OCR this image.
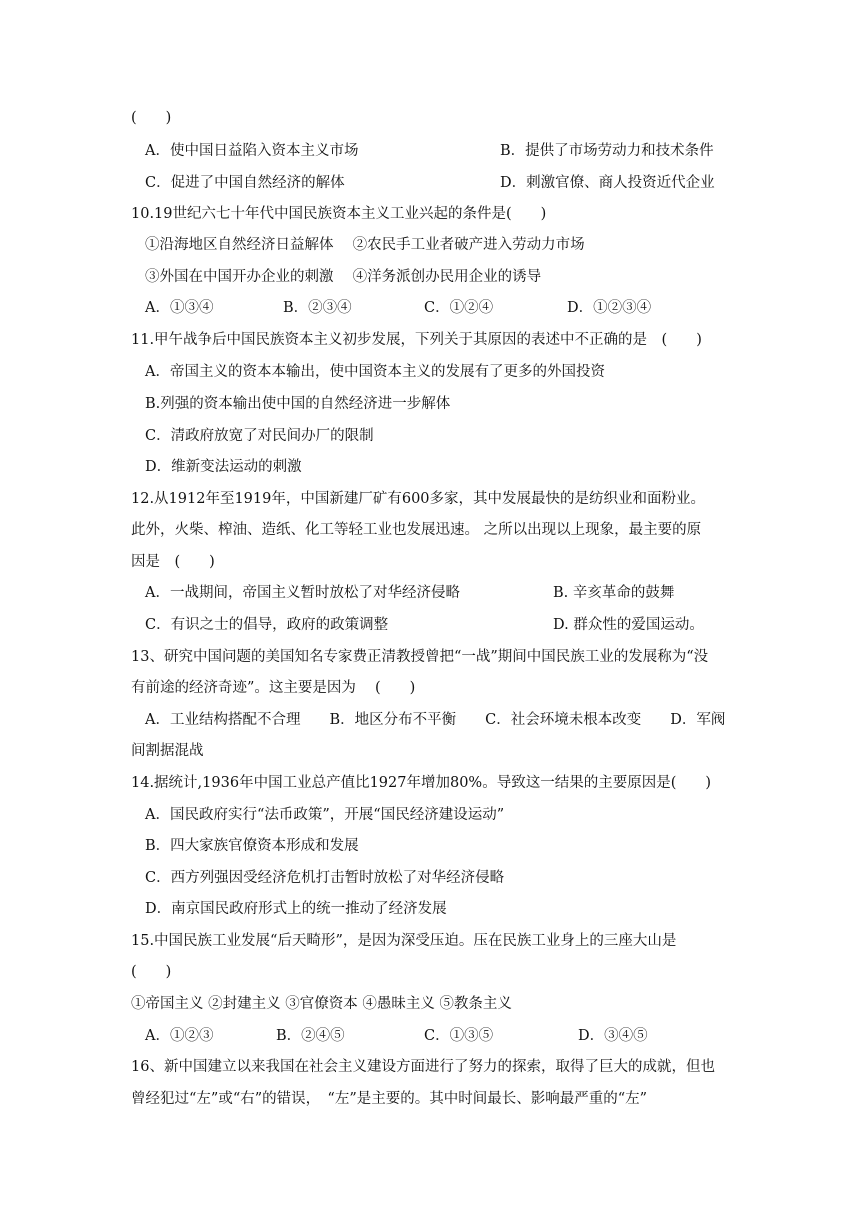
(　　)
A．使中国日益陷入资本主义市场	B．提供了市场劳动力和技术条件
C．促进了中国自然经济的解体	D．刺激官僚、商人投资近代企业
10.19世纪六七十年代中国民族资本主义工业兴起的条件是(　　)
①沿海地区自然经济日益解体　 ②农民手工业者破产进入劳动力市场
③外国在中国开办企业的刺激　 ④洋务派创办民用企业的诱导
A．①③④	B．②③④	C．①②④	D．①②③④
11.甲午战争后中国民族资本主义初步发展，下列关于其原因的表述中不正确的是　(　　)
A．帝国主义的资本本输出，使中国资本主义的发展有了更多的外国投资
B.列强的资本输出使中国的自然经济进一步解体
C．清政府放宽了对民间办厂的限制
D．维新变法运动的刺激
12.从1912年至1919年，中国新建厂矿有600多家，其中发展最快的是纺织业和面粉业。
此外，火柴、榨油、造纸、化工等轻工业也发展迅速。 之所以出现以上现象，最主要的原
因是　(　　)
A．一战期间，帝国主义暂时放松了对华经济侵略	B. 辛亥革命的鼓舞
C．有识之士的倡导，政府的政策调整	D. 群众性的爱国运动。
13、研究中国问题的美国知名专家费正清教授曾把“一战”期间中国民族工业的发展称为“没
有前途的经济奇迹”。这主要是因为　 (　　)
A．工业结构搭配不合理　　B．地区分布不平衡　　C．社会环境未根本改变　　D．军阀
间割据混战
14.据统计,1936年中国工业总产值比1927年增加80%。导致这一结果的主要原因是(　　)
A．国民政府实行“法币政策”，开展“国民经济建设运动”
B．四大家族官僚资本形成和发展
C．西方列强因受经济危机打击暂时放松了对华经济侵略
D．南京国民政府形式上的统一推动了经济发展
15.中国民族工业发展“后天畸形”，是因为深受压迫。压在民族工业身上的三座大山是
(　　)
①帝国主义 ②封建主义 ③官僚资本 ④愚昧主义 ⑤教条主义
A．①②③	B．②④⑤	C．①③⑤	D．③④⑤
16、新中国建立以来我国在社会主义建设方面进行了努力的探索，取得了巨大的成就，但也
曾经犯过“左”或“右”的错误，　“左”是主要的。其中时间最长、影响最严重的“左”
